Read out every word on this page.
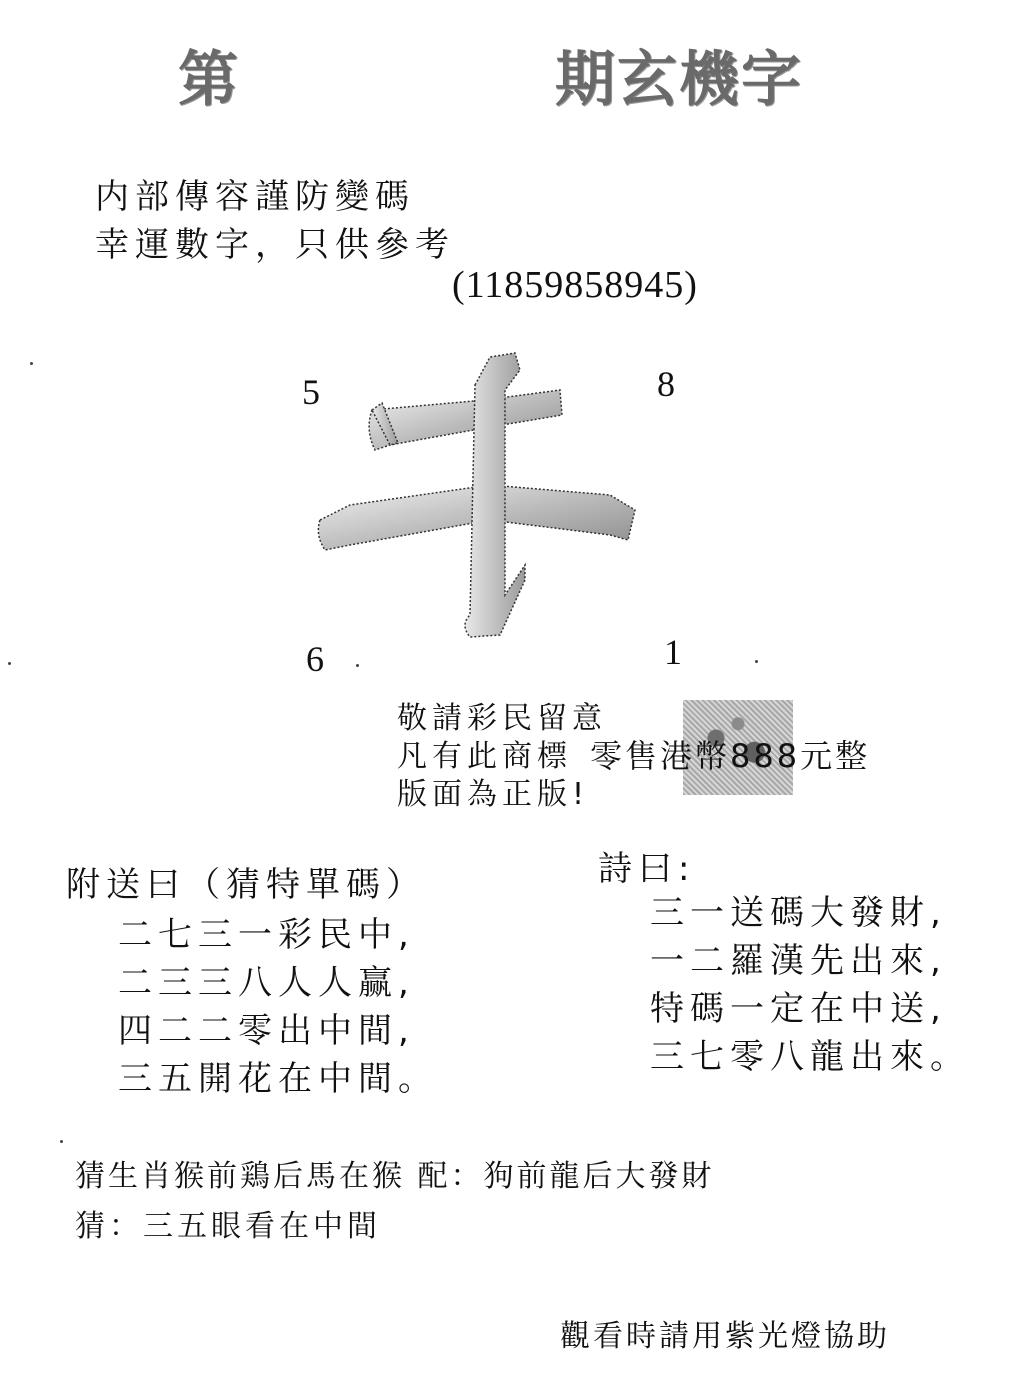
第	期玄機字
内部傳容謹防變碼
幸運數字，只供參考
(11859858945)
5	8
6	1
敬請彩民留意
凡有此商標 零售港幣888元整
版面為正版!
附送曰（猜特單碼）
二七三一彩民中,
二三三八人人赢,
四二二零出中間,
三五開花在中間。
詩曰:
三一送碼大發財,
一二羅漢先出來,
特碼一定在中送,
三七零八龍出來。
猜生肖猴前鶏后馬在猴 配：狗前龍后大發財
猜：三五眼看在中間
觀看時請用紫光燈協助
